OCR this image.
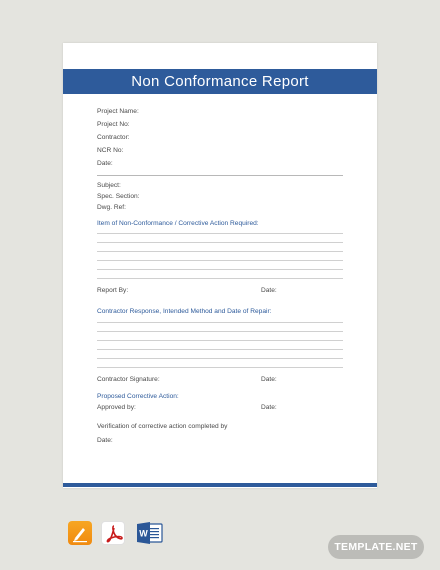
Non Conformance Report
Project Name:
Project No:
Contractor:
NCR No:
Date:
Subject:
Spec. Section:
Dwg. Ref:
Item of Non-Conformance / Corrective Action Required:
Report By:	Date:
Contractor Response, Intended Method and Date of Repair:
Contractor Signature:	Date:
Proposed Corrective Action:
Approved by:	Date:
Verification of corrective action completed by
Date:
W
TEMPLATE.NET
